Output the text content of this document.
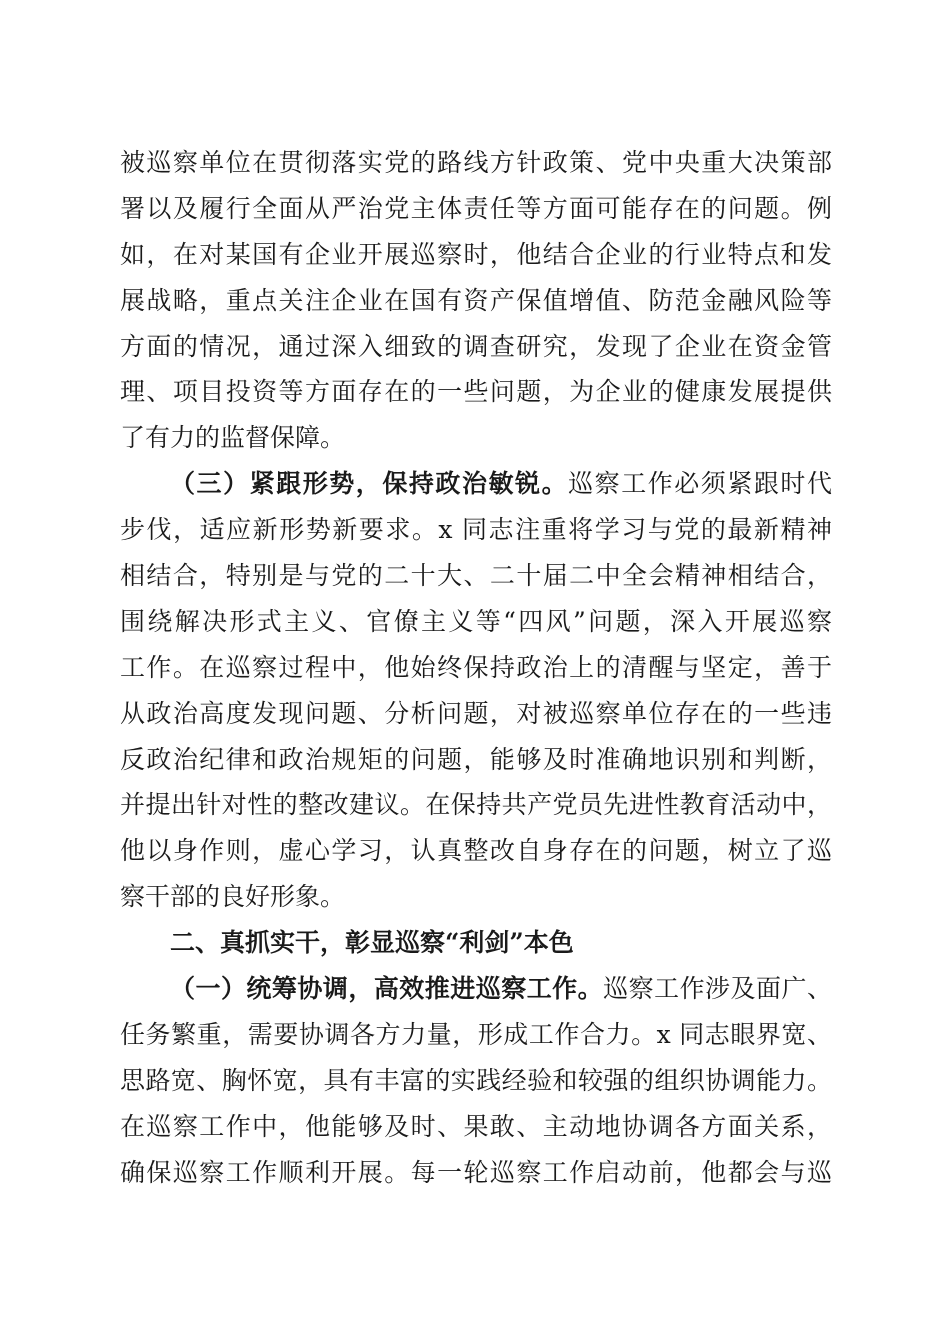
被巡察单位在贯彻落实党的路线方针政策、党中央重大决策部
署以及履行全面从严治党主体责任等方面可能存在的问题。例
如，在对某国有企业开展巡察时，他结合企业的行业特点和发
展战略，重点关注企业在国有资产保值增值、防范金融风险等
方面的情况，通过深入细致的调查研究，发现了企业在资金管
理、项目投资等方面存在的一些问题，为企业的健康发展提供
了有力的监督保障。
（三）紧跟形势，保持政治敏锐。巡察工作必须紧跟时代
步伐，适应新形势新要求。x 同志注重将学习与党的最新精神
相结合，特别是与党的二十大、二十届二中全会精神相结合，
围绕解决形式主义、官僚主义等“四风”问题，深入开展巡察
工作。在巡察过程中，他始终保持政治上的清醒与坚定，善于
从政治高度发现问题、分析问题，对被巡察单位存在的一些违
反政治纪律和政治规矩的问题，能够及时准确地识别和判断，
并提出针对性的整改建议。在保持共产党员先进性教育活动中，
他以身作则，虚心学习，认真整改自身存在的问题，树立了巡
察干部的良好形象。
二、真抓实干，彰显巡察“利剑”本色
（一）统筹协调，高效推进巡察工作。巡察工作涉及面广、
任务繁重，需要协调各方力量，形成工作合力。x 同志眼界宽、
思路宽、胸怀宽，具有丰富的实践经验和较强的组织协调能力。
在巡察工作中，他能够及时、果敢、主动地协调各方面关系，
确保巡察工作顺利开展。每一轮巡察工作启动前，他都会与巡
